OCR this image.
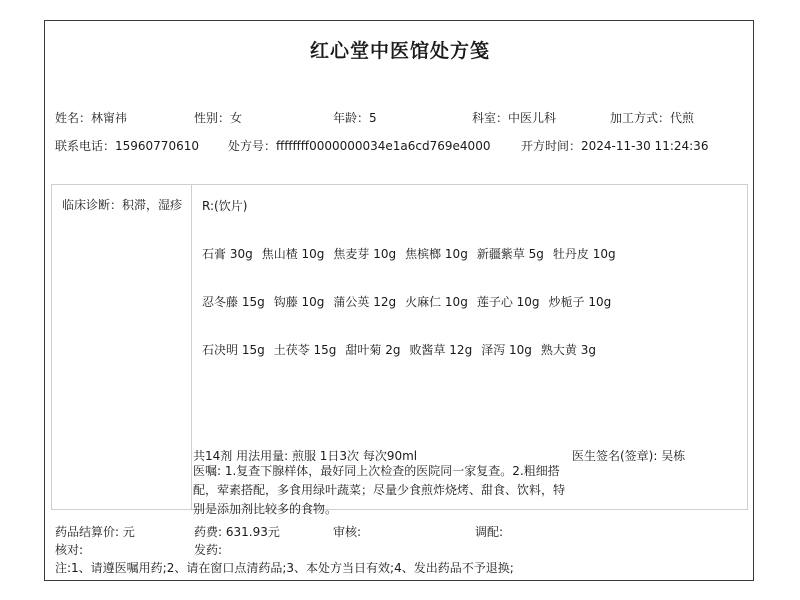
红心堂中医馆处方笺
姓名：林甯祎	性别：女	年龄：5	科室：中医儿科	加工方式：代煎
联系电话：15960770610 处方号：ffffffff0000000034e1a6cd769e4000	开方时间：2024-11-30 11:24:36
临床诊断：积滞，湿疹 R:(饮片)
石膏 30g 焦山楂 10g 焦麦芽 10g 焦槟榔 10g 新疆紫草 5g 牡丹皮 10g
忍冬藤 15g 钩藤 10g 蒲公英 12g 火麻仁 10g 莲子心 10g 炒栀子 10g
石决明 15g 土茯苓 15g 甜叶菊 2g 败酱草 12g 泽泻 10g 熟大黄 3g
共14剂 用法用量: 煎服 1日3次 每次90ml	医生签名(签章): 吴栋
医嘱: 1.复查下腺样体，最好同上次检查的医院同一家复查。2.粗细搭配，荤素搭配，多食用绿叶蔬菜；尽量少食煎炸烧烤、甜食、饮料，特别是添加剂比较多的食物。
药品结算价: 元	药费: 631.93元	审核:	调配:
核对:	发药:
注:1、请遵医嘱用药;2、请在窗口点清药品;3、本处方当日有效;4、发出药品不予退换;
